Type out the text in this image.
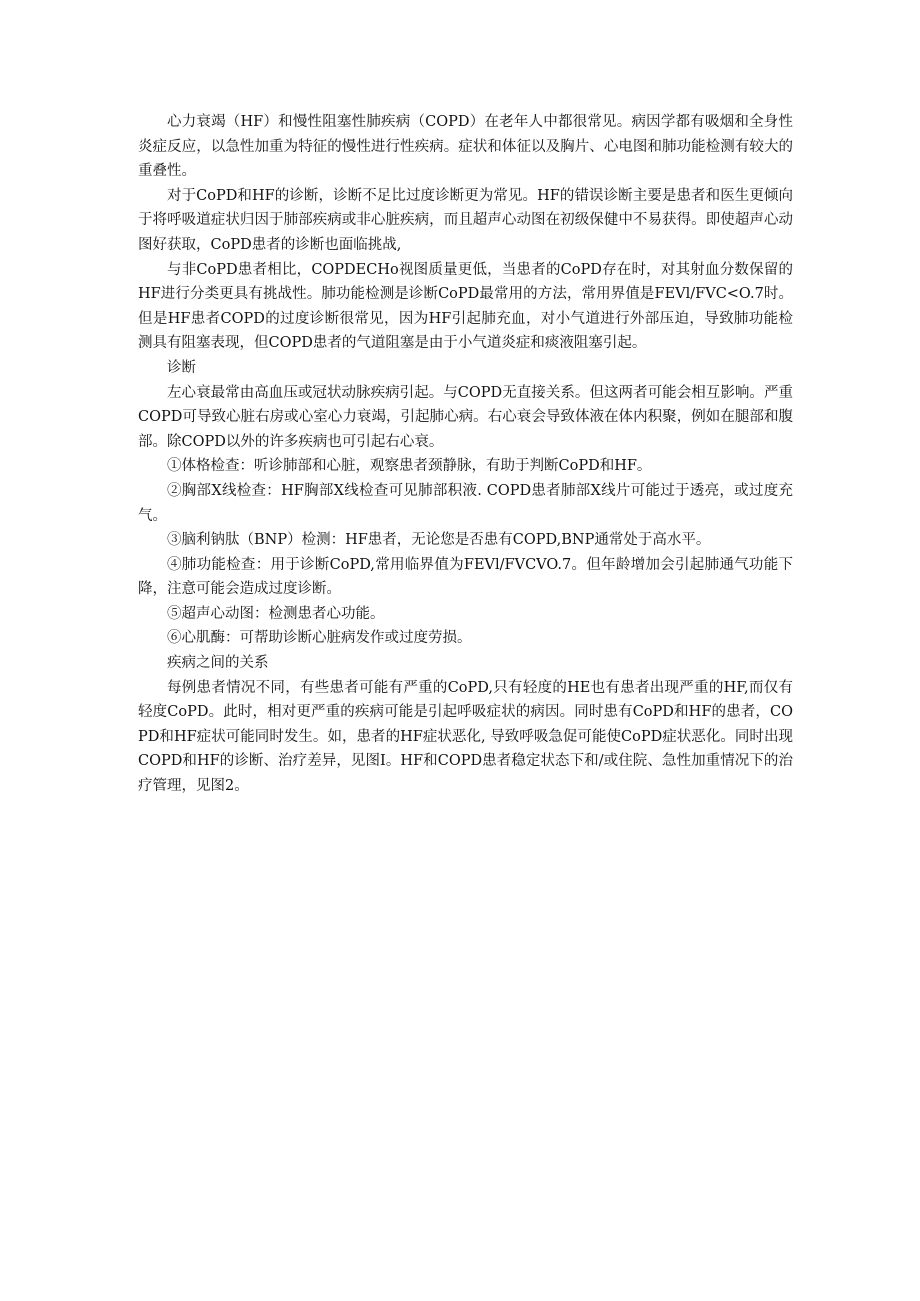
心力衰竭（HF）和慢性阻塞性肺疾病（COPD）在老年人中都很常见。病因学都有吸烟和全身性炎症反应，以急性加重为特征的慢性进行性疾病。症状和体征以及胸片、心电图和肺功能检测有较大的重叠性。

对于CoPD和HF的诊断，诊断不足比过度诊断更为常见。HF的错误诊断主要是患者和医生更倾向于将呼吸道症状归因于肺部疾病或非心脏疾病，而且超声心动图在初级保健中不易获得。即使超声心动图好获取，CoPD患者的诊断也面临挑战,

与非CoPD患者相比，COPDECHo视图质量更低，当患者的CoPD存在时，对其射血分数保留的HF进行分类更具有挑战性。肺功能检测是诊断CoPD最常用的方法，常用界值是FEVl/FVC<O.7时。但是HF患者COPD的过度诊断很常见，因为HF引起肺充血，对小气道进行外部压迫，导致肺功能检测具有阻塞表现，但COPD患者的气道阻塞是由于小气道炎症和痰液阻塞引起。

诊断

左心衰最常由高血压或冠状动脉疾病引起。与COPD无直接关系。但这两者可能会相互影响。严重COPD可导致心脏右房或心室心力衰竭，引起肺心病。右心衰会导致体液在体内积聚，例如在腿部和腹部。除COPD以外的许多疾病也可引起右心衰。

①体格检查：听诊肺部和心脏，观察患者颈静脉，有助于判断CoPD和HF。

②胸部X线检查：HF胸部X线检查可见肺部积液. COPD患者肺部X线片可能过于透亮，或过度充气。

③脑利钠肽（BNP）检测：HF患者，无论您是否患有COPD,BNP通常处于高水平。

④肺功能检查：用于诊断CoPD,常用临界值为FEVl/FVCVO.7。但年龄增加会引起肺通气功能下降，注意可能会造成过度诊断。

⑤超声心动图：检测患者心功能。

⑥心肌酶：可帮助诊断心脏病发作或过度劳损。

疾病之间的关系

每例患者情况不同，有些患者可能有严重的CoPD,只有轻度的HE也有患者出现严重的HF,而仅有轻度CoPD。此时，相对更严重的疾病可能是引起呼吸症状的病因。同时患有CoPD和HF的患者，COPD和HF症状可能同时发生。如，患者的HF症状恶化, 导致呼吸急促可能使CoPD症状恶化。同时出现COPD和HF的诊断、治疗差异，见图I。HF和COPD患者稳定状态下和/或住院、急性加重情况下的治疗管理，见图2。
